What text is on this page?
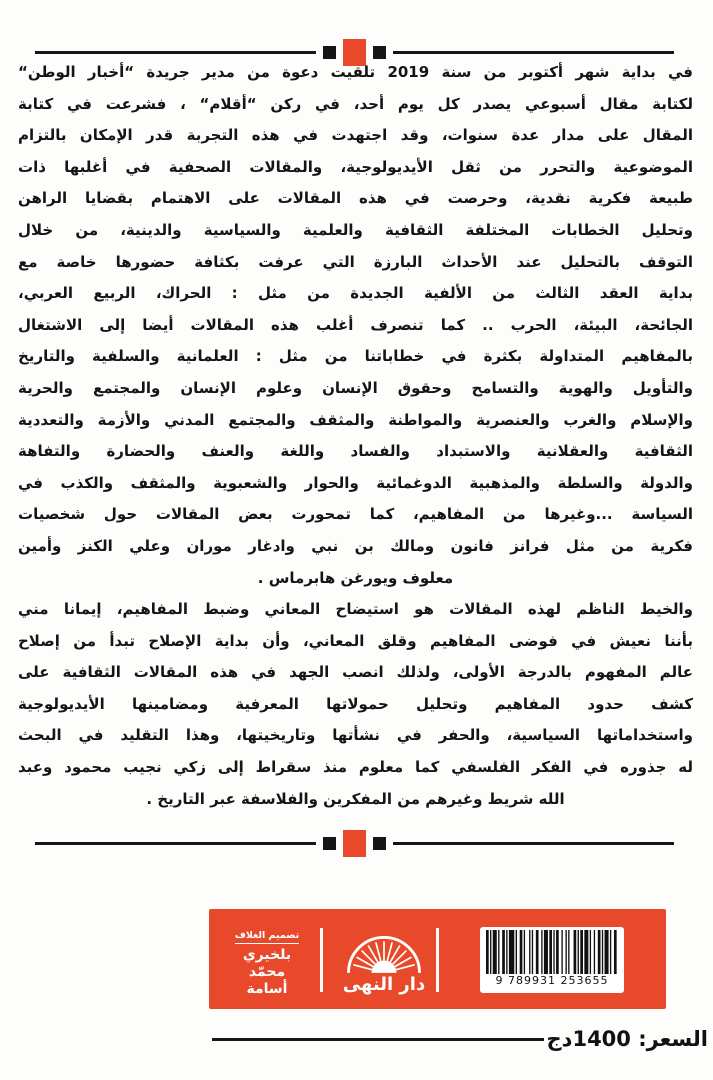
في بداية شهر أكتوبر من سنة 2019 تلقيت دعوة من مدير جريدة “أخبار الوطن“
لكتابة مقال أسبوعي يصدر كل يوم أحد، في ركن “أقلام“ ، فشرعت في كتابة
المقال على مدار عدة سنوات، وقد اجتهدت في هذه التجربة قدر الإمكان بالتزام
الموضوعية والتحرر من ثقل الأيديولوجية، والمقالات الصحفية في أغلبها ذات
طبيعة فكرية نقدية، وحرصت في هذه المقالات على الاهتمام بقضايا الراهن
وتحليل الخطابات المختلفة الثقافية والعلمية والسياسية والدينية، من خلال
التوقف بالتحليل عند الأحداث البارزة التي عرفت بكثافة حضورها خاصة مع
بداية العقد الثالث من الألفية الجديدة من مثل : الحراك، الربيع العربي،
الجائحة، البيئة، الحرب .. كما تنصرف أغلب هذه المقالات أيضا إلى الاشتغال
بالمفاهيم المتداولة بكثرة في خطاباتنا من مثل : العلمانية والسلفية والتاريخ
والتأويل والهوية والتسامح وحقوق الإنسان وعلوم الإنسان والمجتمع والحرية
والإسلام والغرب والعنصرية والمواطنة والمثقف والمجتمع المدني والأزمة والتعددية
الثقافية والعقلانية والاستبداد والفساد واللغة والعنف والحضارة والتفاهة
والدولة والسلطة والمذهبية الدوغمائية والحوار والشعبوية والمثقف والكذب في
السياسة ...وغيرها من المفاهيم، كما تمحورت بعض المقالات حول شخصيات
فكرية من مثل فرانز فانون ومالك بن نبي وادغار موران وعلي الكنز وأمين
معلوف ويورغن هابرماس .
والخيط الناظم لهذه المقالات هو استيضاح المعاني وضبط المفاهيم، إيمانا مني
بأننا نعيش في فوضى المفاهيم وقلق المعاني، وأن بداية الإصلاح تبدأ من إصلاح
عالم المفهوم بالدرجة الأولى، ولذلك انصب الجهد في هذه المقالات الثقافية على
كشف حدود المفاهيم وتحليل حمولاتها المعرفية ومضامينها الأيديولوجية
واستخداماتها السياسية، والحفر في نشأتها وتاريخيتها، وهذا التقليد في البحث
له جذوره في الفكر الفلسفي كما معلوم منذ سقراط إلى زكي نجيب محمود وعبد
الله شريط وغيرهم من المفكرين والفلاسفة عبر التاريخ .
تصميم الغلاف
بلخيري
محمّد
أسامة	دار النهى	9 789931 253655
السعر: 1400دج
